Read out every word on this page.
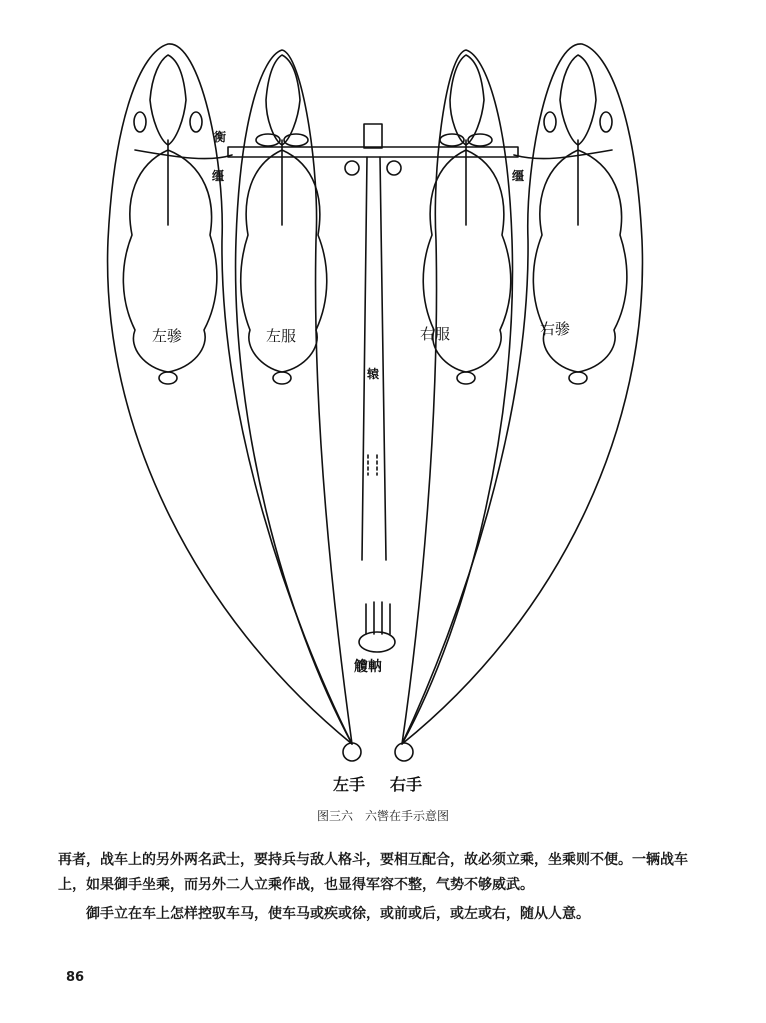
左骖	左服	右服	右骖
衡
缰	缰
辕
觼軜
左手 右手
图三六　六辔在手示意图

再者，战车上的另外两名武士，要持兵与敌人格斗，要相互配合，故必须立乘，坐乘则不便。一辆战车上，如果御手坐乘，而另外二人立乘作战，也显得军容不整，气势不够威武。

御手立在车上怎样控驭车马，使车马或疾或徐，或前或后，或左或右，随从人意。

86
